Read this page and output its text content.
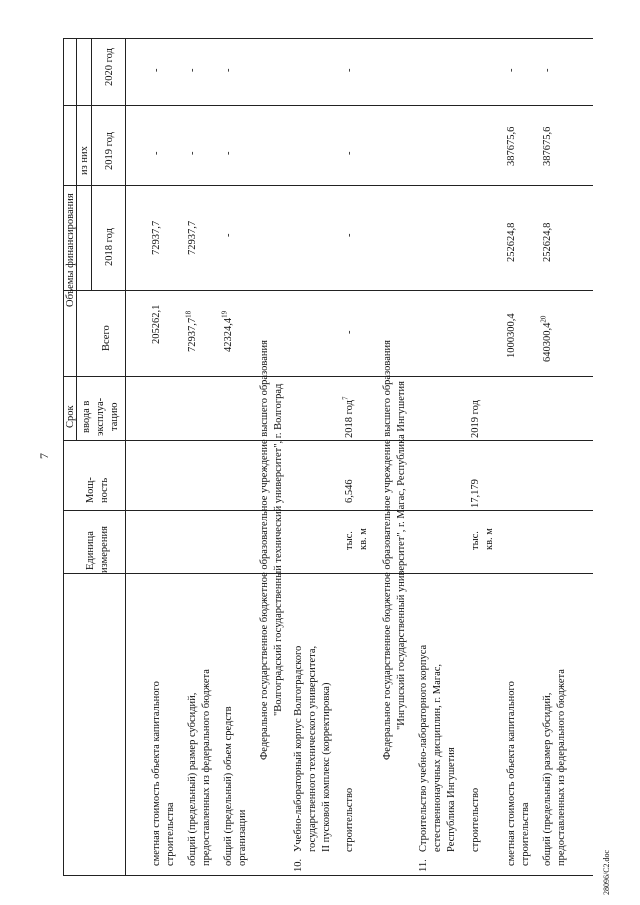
7
28096/C2.doc
Единица измерения
Мощ- ность
Срок ввода в эксплуа- тацию
Объемы финансирования
Всего
из них
2018 год
2019 год
2020 год
сметная стоимость объекта капитального строительства
205262,1
72937,7
-
-
общий (предельный) размер субсидий, предоставленных из федерального бюджета
72937,7$^{18}$
72937,7
-
-
общий (предельный) объем средств организации
42324,4$^{19}$
-
-
-
Федеральное государственное бюджетное образовательное учреждение высшего образования "Волгоградский государственный технический университет", г. Волгоград
10.
Учебно-лабораторный корпус Волгоградского государственного технического университета, II пусковой комплекс (корректировка) строительство
тыс. кв. м
6,546
2018 год$^7$
-
-
-
-
Федеральное государственное бюджетное образовательное учреждение высшего образования "Ингушский государственный университет", г. Магас, Республика Ингушетия
11.
Строительство учебно-лабораторного корпуса естественнонаучных дисциплин, г. Магас, Республика Ингушетия строительство
тыс. кв. м
17,179
2019 год
сметная стоимость объекта капитального строительства
1000300,4
252624,8
387675,6
-
общий (предельный) размер субсидий, предоставленных из федерального бюджета
640300,4$^{20}$
252624,8
387675,6
-
